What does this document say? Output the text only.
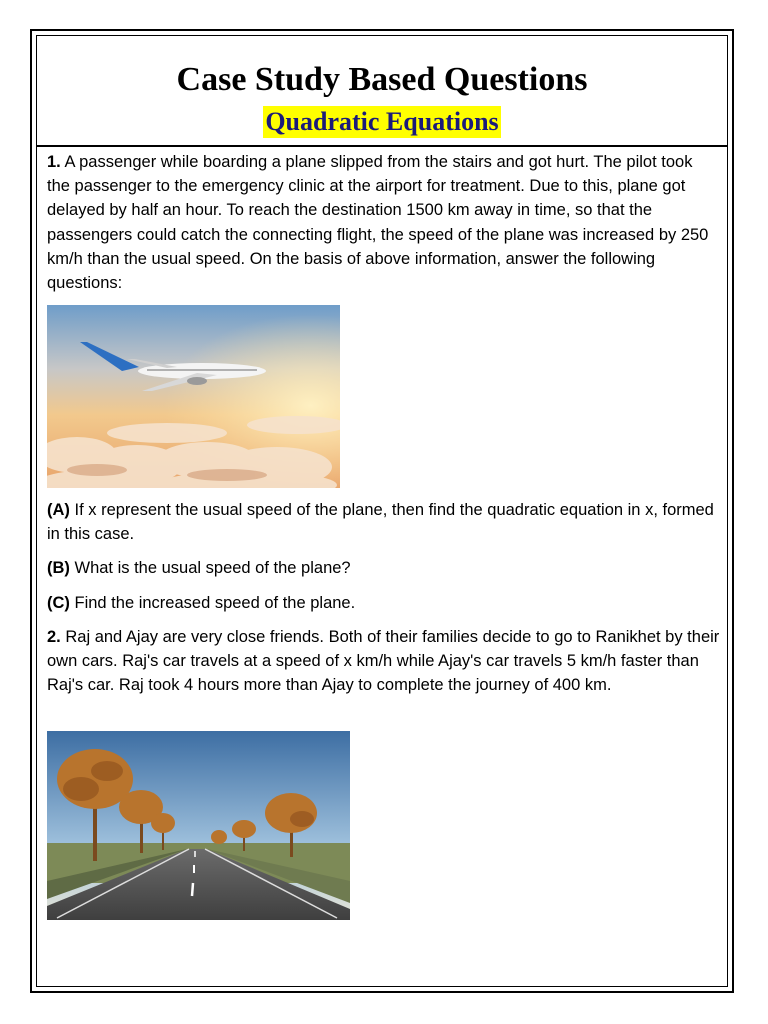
Case Study Based Questions
Quadratic Equations

1. A passenger while boarding a plane slipped from the stairs and got hurt. The pilot took the passenger to the emergency clinic at the airport for treatment. Due to this, plane got delayed by half an hour. To reach the destination 1500 km away in time, so that the passengers could catch the connecting flight, the speed of the plane was increased by 250 km/h than the usual speed. On the basis of above information, answer the following questions:

(A) If x represent the usual speed of the plane, then find the quadratic equation in x, formed in this case.

(B) What is the usual speed of the plane?

(C) Find the increased speed of the plane.

2. Raj and Ajay are very close friends. Both of their families decide to go to Ranikhet by their own cars. Raj's car travels at a speed of x km/h while Ajay's car travels 5 km/h faster than Raj's car. Raj took 4 hours more than Ajay to complete the journey of 400 km.
